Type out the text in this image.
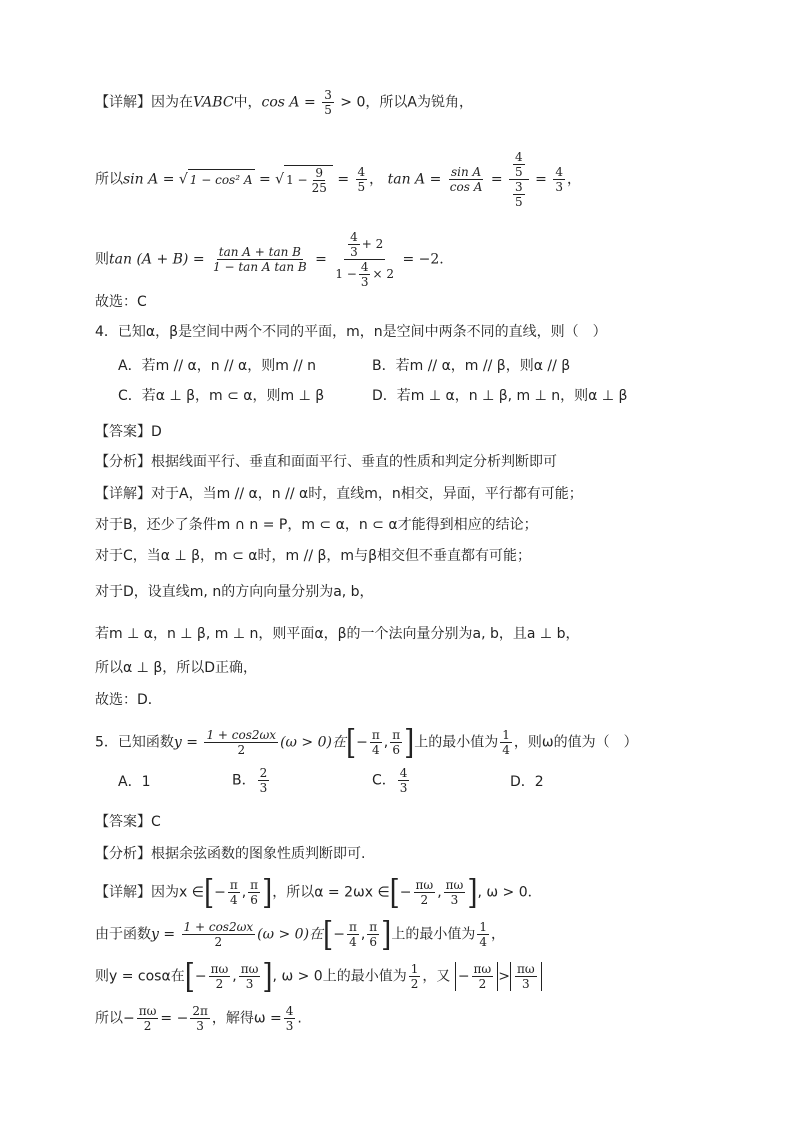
【详解】因为在VABC中，$\cos A = \frac{3}{5} > 0$，所以A为锐角，
所以sin A = √ 1 − cos² A = √ $1 - \frac{9}{25} = \frac{4}{5}$ ， $\tan A = \frac{\text{sin A}}{\text{cos A}} = \frac{\frac{4}{5}}{\frac{3}{5}} = \frac{4}{3}$ ，
则$\tan (A + B) = \frac{\text{tan A + tan B}}{\text{1 − tan A tan B}} = \frac{\frac{4}{3} + 2}{1 - \frac{4}{3} \times 2} = -2$.
故选：C
4．已知α，β是空间中两个不同的平面，m，n是空间中两条不同的直线，则（　）
A．若m // α，n // α，则m // n	B．若m // α，m // β，则α // β
C．若α ⊥ β，m ⊂ α，则m ⊥ β	D．若m ⊥ α，n ⊥ β, m ⊥ n，则α ⊥ β
【答案】D
【分析】根据线面平行、垂直和面面平行、垂直的性质和判定分析判断即可
【详解】对于A，当m // α，n // α时，直线m，n相交，异面，平行都有可能；
对于B，还少了条件m ∩ n = P，m ⊂ α，n ⊂ α才能得到相应的结论；
对于C，当α ⊥ β，m ⊂ α时，m // β，m与β相交但不垂直都有可能；
对于D，设直线m, n的方向向量分别为a, b，
若m ⊥ α，n ⊥ β, m ⊥ n，则平面α，β的一个法向量分别为a, b，且a ⊥ b，
所以α ⊥ β，所以D正确，
故选：D．
5．已知函数$y = \frac{1 + \cos 2\omega x}{2} (\omega > 0)$在[− $\frac{\pi}{4}$ , $\frac{\pi}{6}$ ]上的最小值为 $\frac{1}{4}$ ，则ω的值为（　）
A．1	B． $\frac{2}{3}$	C． $\frac{4}{3}$	D．2
【答案】C
【分析】根据余弦函数的图象性质判断即可.
【详解】因为x ∈[− $\frac{\pi}{4}$ , $\frac{\pi}{6}$ ]，所以α = 2ωx ∈[− $\frac{\pi\omega}{2}$ , $\frac{\pi\omega}{3}$ ], ω > 0．
由于函数$y = \frac{1 + \cos 2\omega x}{2} (\omega > 0)$在[− $\frac{\pi}{4}$ , $\frac{\pi}{6}$ ]上的最小值为 $\frac{1}{4}$ ，
则y = cosα在[− $\frac{\pi\omega}{2}$ , $\frac{\pi\omega}{3}$ ], ω > 0上的最小值为 $\frac{1}{2}$ ，又 − $\frac{\pi\omega}{2} > \frac{\pi\omega}{3}$
所以− $\frac{\pi\omega}{2}$ = − $\frac{2\pi}{3}$ ，解得$\omega = \frac{4}{3}$ .
